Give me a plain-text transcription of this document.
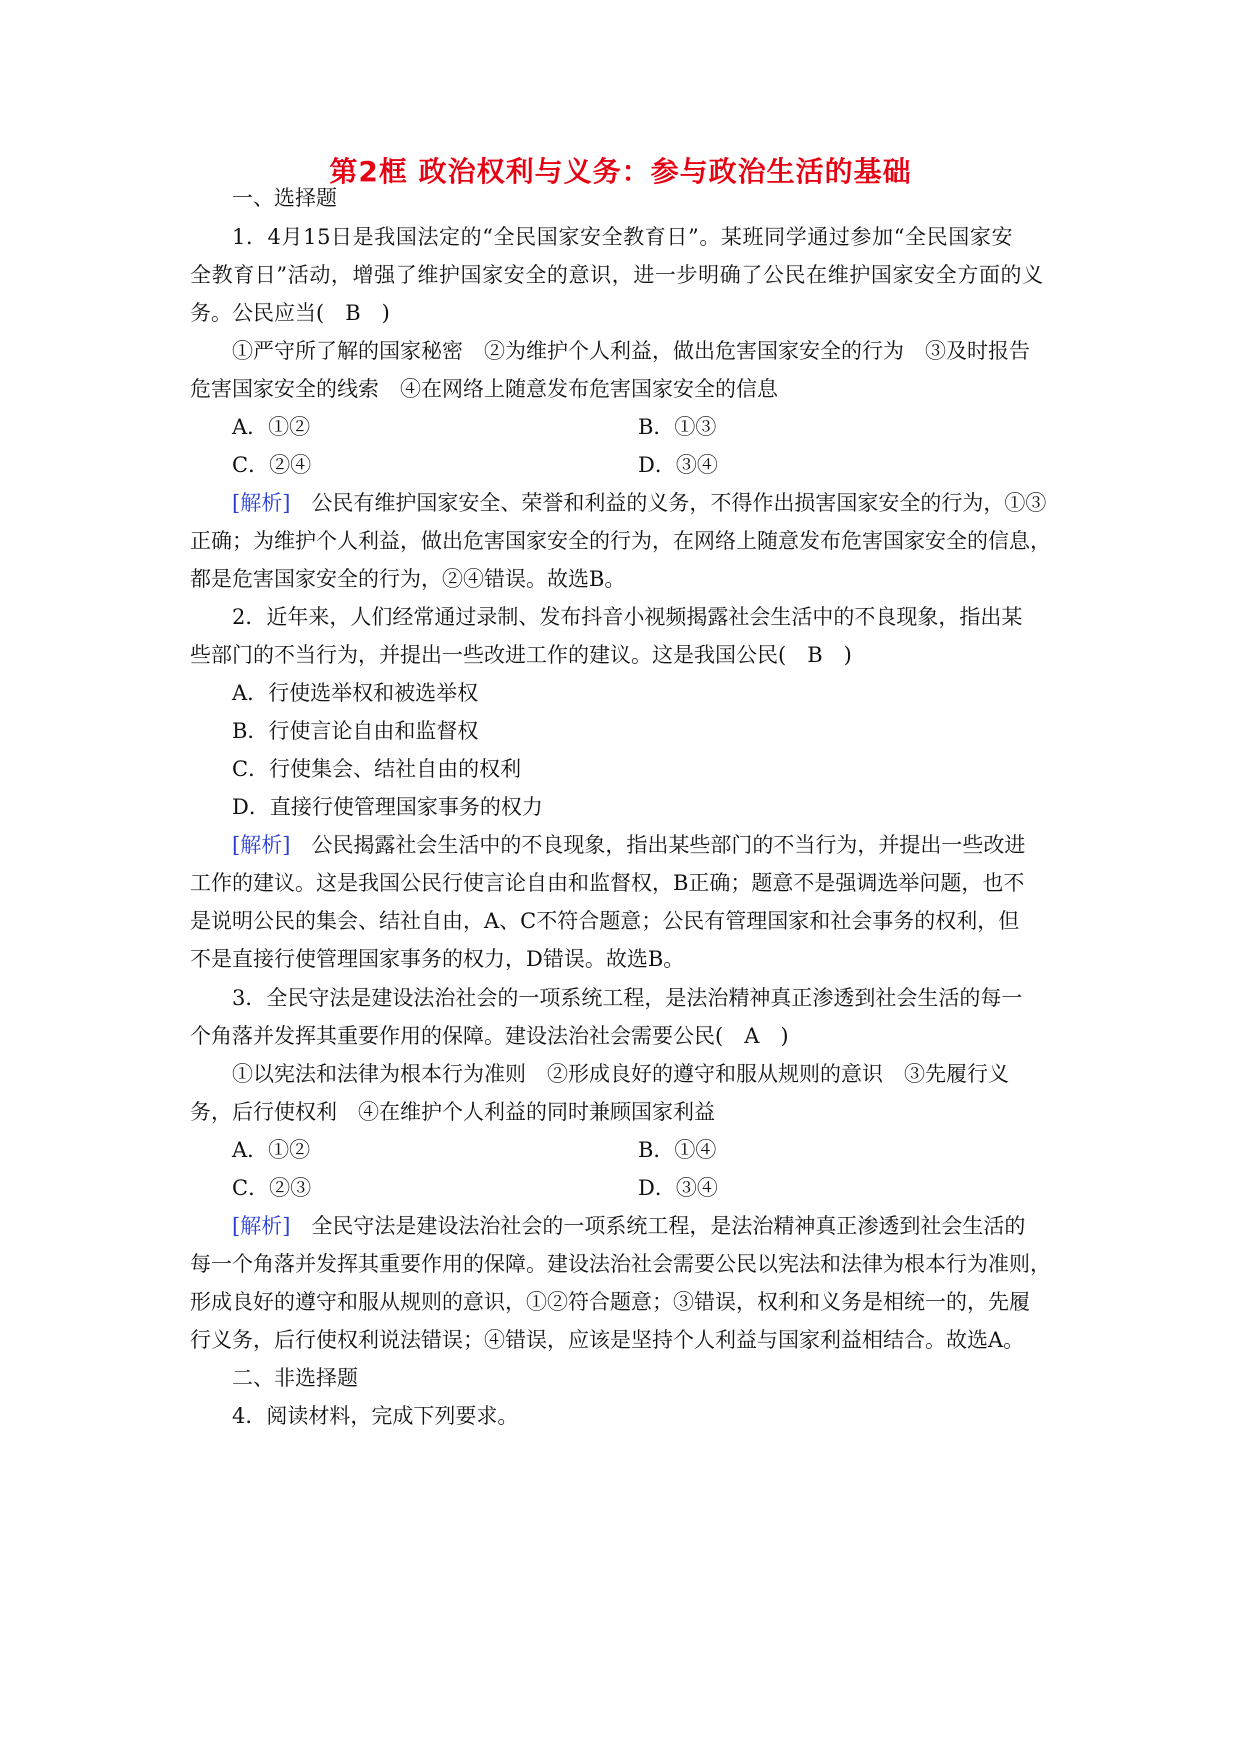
第2框 政治权利与义务：参与政治生活的基础
一、选择题
1．4月15日是我国法定的“全民国家安全教育日”。某班同学通过参加“全民国家安
全教育日”活动，增强了维护国家安全的意识，进一步明确了公民在维护国家安全方面的义
务。公民应当(　B　)
①严守所了解的国家秘密　②为维护个人利益，做出危害国家安全的行为　③及时报告
危害国家安全的线索　④在网络上随意发布危害国家安全的信息
A．①②	B．①③
C．②④	D．③④
[解析]　公民有维护国家安全、荣誉和利益的义务，不得作出损害国家安全的行为，①③
正确；为维护个人利益，做出危害国家安全的行为，在网络上随意发布危害国家安全的信息，
都是危害国家安全的行为，②④错误。故选B。
2．近年来，人们经常通过录制、发布抖音小视频揭露社会生活中的不良现象，指出某
些部门的不当行为，并提出一些改进工作的建议。这是我国公民(　B　)
A．行使选举权和被选举权
B．行使言论自由和监督权
C．行使集会、结社自由的权利
D．直接行使管理国家事务的权力
[解析]　公民揭露社会生活中的不良现象，指出某些部门的不当行为，并提出一些改进
工作的建议。这是我国公民行使言论自由和监督权，B正确；题意不是强调选举问题，也不
是说明公民的集会、结社自由，A、C不符合题意；公民有管理国家和社会事务的权利，但
不是直接行使管理国家事务的权力，D错误。故选B。
3．全民守法是建设法治社会的一项系统工程，是法治精神真正渗透到社会生活的每一
个角落并发挥其重要作用的保障。建设法治社会需要公民(　A　)
①以宪法和法律为根本行为准则　②形成良好的遵守和服从规则的意识　③先履行义
务，后行使权利　④在维护个人利益的同时兼顾国家利益
A．①②	B．①④
C．②③	D．③④
[解析]　全民守法是建设法治社会的一项系统工程，是法治精神真正渗透到社会生活的
每一个角落并发挥其重要作用的保障。建设法治社会需要公民以宪法和法律为根本行为准则，
形成良好的遵守和服从规则的意识，①②符合题意；③错误，权利和义务是相统一的，先履
行义务，后行使权利说法错误；④错误，应该是坚持个人利益与国家利益相结合。故选A。
二、非选择题
4．阅读材料，完成下列要求。
